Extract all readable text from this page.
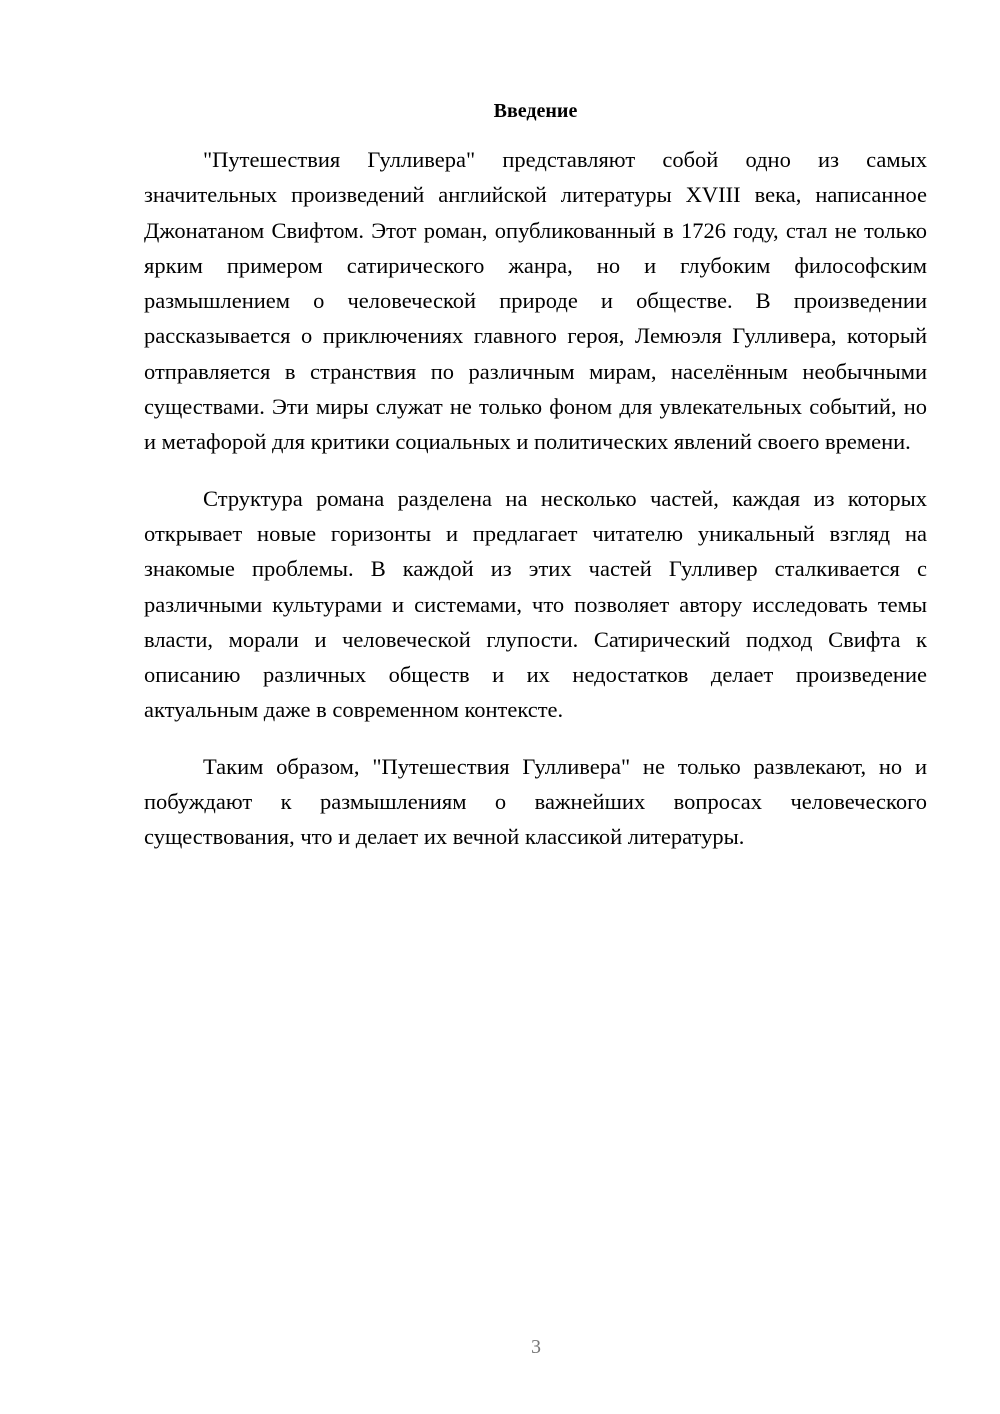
Введение

"Путешествия Гулливера" представляют собой одно из самых значительных произведений английской литературы XVIII века, написанное Джонатаном Свифтом. Этот роман, опубликованный в 1726 году, стал не только ярким примером сатирического жанра, но и глубоким философским размышлением о человеческой природе и обществе. В произведении рассказывается о приключениях главного героя, Лемюэля Гулливера, который отправляется в странствия по различным мирам, населённым необычными существами. Эти миры служат не только фоном для увлекательных событий, но и метафорой для критики социальных и политических явлений своего времени.

Структура романа разделена на несколько частей, каждая из которых открывает новые горизонты и предлагает читателю уникальный взгляд на знакомые проблемы. В каждой из этих частей Гулливер сталкивается с различными культурами и системами, что позволяет автору исследовать темы власти, морали и человеческой глупости. Сатирический подход Свифта к описанию различных обществ и их недостатков делает произведение актуальным даже в современном контексте.

Таким образом, "Путешествия Гулливера" не только развлекают, но и побуждают к размышлениям о важнейших вопросах человеческого существования, что и делает их вечной классикой литературы.

3
